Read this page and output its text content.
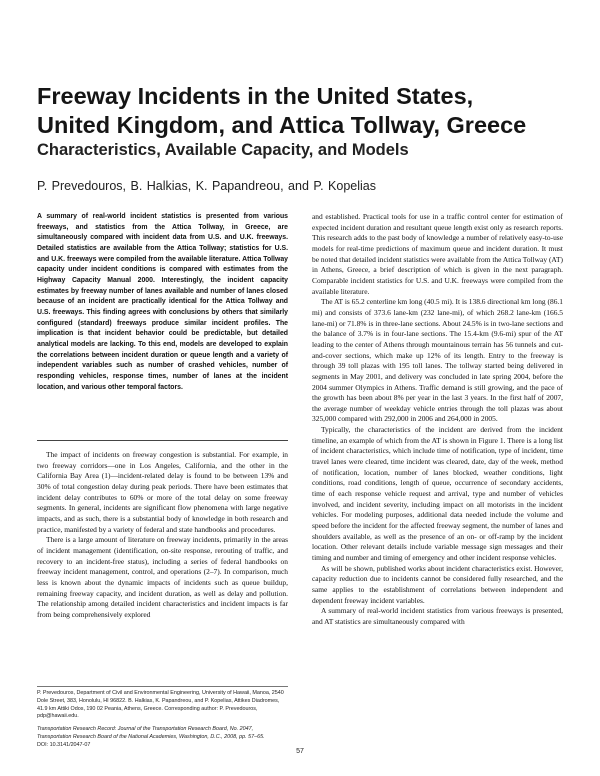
Freeway Incidents in the United States,
United Kingdom, and Attica Tollway, Greece
Characteristics, Available Capacity, and Models
P. Prevedouros, B. Halkias, K. Papandreou, and P. Kopelias
A summary of real-world incident statistics is presented from various freeways, and statistics from the Attica Tollway, in Greece, are simultaneously compared with incident data from U.S. and U.K. freeways. Detailed statistics are available from the Attica Tollway; statistics for U.S. and U.K. freeways were compiled from the available literature. Attica Tollway capacity under incident conditions is compared with estimates from the Highway Capacity Manual 2000. Interestingly, the incident capacity estimates by freeway number of lanes available and number of lanes closed because of an incident are practically identical for the Attica Tollway and U.S. freeways. This finding agrees with conclusions by others that similarly configured (standard) freeways produce similar incident profiles. The implication is that incident behavior could be predictable, but detailed analytical models are lacking. To this end, models are developed to explain the correlations between incident duration or queue length and a variety of independent variables such as number of crashed vehicles, number of responding vehicles, response times, number of lanes at the incident location, and various other temporal factors.

The impact of incidents on freeway congestion is substantial. For example, in two freeway corridors—one in Los Angeles, California, and the other in the California Bay Area (1)—incident-related delay is found to be between 13% and 30% of total congestion delay during peak periods. There have been estimates that incident delay contributes to 60% or more of the total delay on some freeway segments. In general, incidents are significant flow phenomena with large negative impacts, and as such, there is a substantial body of knowledge in both research and practice, manifested by a variety of federal and state handbooks and procedures.

There is a large amount of literature on freeway incidents, primarily in the areas of incident management (identification, on-site response, rerouting of traffic, and recovery to an incident-free status), including a series of federal handbooks on freeway incident management, control, and operations (2–7). In comparison, much less is known about the dynamic impacts of incidents such as queue buildup, remaining freeway capacity, and incident duration, as well as delay and pollution. The relationship among detailed incident characteristics and incident impacts is far from being comprehensively explored

and established. Practical tools for use in a traffic control center for estimation of expected incident duration and resultant queue length exist only as research reports. This research adds to the past body of knowledge a number of relatively easy-to-use models for real-time predictions of maximum queue and incident duration. It must be noted that detailed incident statistics were available from the Attica Tollway (AT) in Athens, Greece, a brief description of which is given in the next paragraph. Comparable incident statistics for U.S. and U.K. freeways were compiled from the available literature.

The AT is 65.2 centerline km long (40.5 mi). It is 138.6 directional km long (86.1 mi) and consists of 373.6 lane-km (232 lane-mi), of which 268.2 lane-km (166.5 lane-mi) or 71.8% is in three-lane sections. About 24.5% is in two-lane sections and the balance of 3.7% is in four-lane sections. The 15.4-km (9.6-mi) spur of the AT leading to the center of Athens through mountainous terrain has 56 tunnels and cut-and-cover sections, which make up 12% of its length. Entry to the freeway is through 39 toll plazas with 195 toll lanes. The tollway started being delivered in segments in May 2001, and delivery was concluded in late spring 2004, before the 2004 summer Olympics in Athens. Traffic demand is still growing, and the pace of the growth has been about 8% per year in the last 3 years. In the first half of 2007, the average number of weekday vehicle entries through the toll plazas was about 325,000 compared with 292,000 in 2006 and 264,000 in 2005.

Typically, the characteristics of the incident are derived from the incident timeline, an example of which from the AT is shown in Figure 1. There is a long list of incident characteristics, which include time of notification, type of incident, time travel lanes were cleared, time incident was cleared, date, day of the week, method of notification, location, number of lanes blocked, weather conditions, light conditions, road conditions, length of queue, occurrence of secondary accidents, time of each response vehicle request and arrival, type and number of vehicles involved, and incident severity, including impact on all motorists in the incident vehicles. For modeling purposes, additional data needed include the volume and speed before the incident for the affected freeway segment, the number of lanes and shoulders available, as well as the presence of an on- or off-ramp by the incident location. Other relevant details include variable message sign messages and their timing and number and timing of emergency and other incident response vehicles.

As will be shown, published works about incident characteristics exist. However, capacity reduction due to incidents cannot be considered fully researched, and the same applies to the establishment of correlations between independent and dependent freeway incident variables.

A summary of real-world incident statistics from various freeways is presented, and AT statistics are simultaneously compared with

P. Prevedouros, Department of Civil and Environmental Engineering, University of Hawaii, Manoa, 2540 Dole Street, 383, Honolulu, HI 96822. B. Halkias, K. Papandreou, and P. Kopelias, Attikes Diadromes, 41.9 km Attiki Odos, 190 02 Peania, Athens, Greece. Corresponding author: P. Prevedouros, pdp@hawaii.edu.

Transportation Research Record: Journal of the Transportation Research Board, No. 2047, Transportation Research Board of the National Academies, Washington, D.C., 2008, pp. 57–65.

DOI: 10.3141/2047-07

57
